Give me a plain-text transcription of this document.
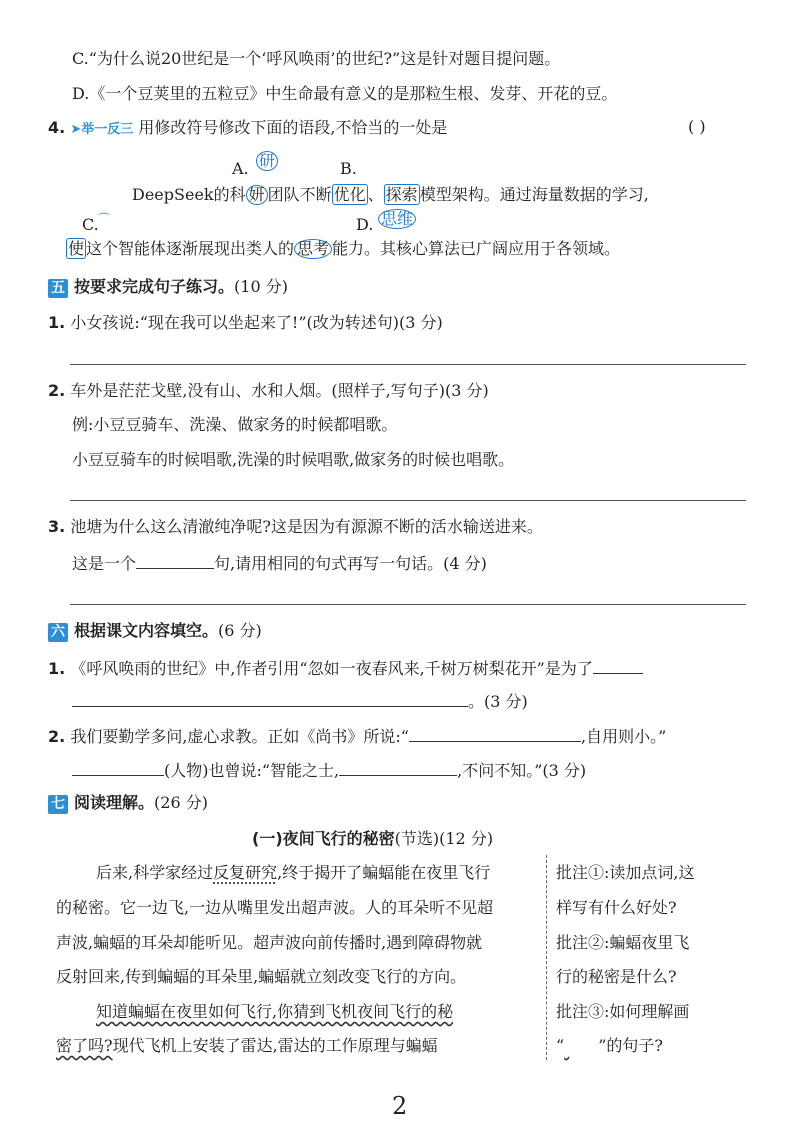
C.“为什么说20世纪是一个‘呼风唤雨’的世纪?”这是针对题目提问题。
D.《一个豆荚里的五粒豆》中生命最有意义的是那粒生根、发芽、开花的豆。
4. ➤举一反三 用修改符号修改下面的语段,不恰当的一处是	( )
A. 研	B.
DeepSeek的科 妍 团队不断 优化 、 探索 模型架构。通过海量数据的学习,
C. ⌒	D. 思维
使 这个智能体逐渐展现出类人的 思考 能力。其核心算法已广阔应用于各领域。
五 按要求完成句子练习。(10 分)
1. 小女孩说:“现在我可以坐起来了!”(改为转述句)(3 分)
2. 车外是茫茫戈壁,没有山、水和人烟。(照样子,写句子)(3 分)
例:小豆豆骑车、洗澡、做家务的时候都唱歌。
小豆豆骑车的时候唱歌,洗澡的时候唱歌,做家务的时候也唱歌。
3. 池塘为什么这么清澈纯净呢?这是因为有源源不断的活水输送进来。
这是一个	句,请用相同的句式再写一句话。(4 分)
六 根据课文内容填空。(6 分)
1. 《呼风唤雨的世纪》中,作者引用“忽如一夜春风来,千树万树梨花开”是为了
。(3 分)
2. 我们要勤学多问,虚心求教。正如《尚书》所说:“	,自用则小。”
(人物)也曾说:“智能之士,	,不问不知。”(3 分)
七 阅读理解。(26 分)
(一)夜间飞行的秘密(节选)(12 分)
后来,科学家经过反复研究,终于揭开了蝙蝠能在夜里飞行
的秘密。它一边飞,一边从嘴里发出超声波。人的耳朵听不见超
声波,蝙蝠的耳朵却能听见。超声波向前传播时,遇到障碍物就
反射回来,传到蝙蝠的耳朵里,蝙蝠就立刻改变飞行的方向。
知道蝙蝠在夜里如何飞行,你猜到飞机夜间飞行的秘
密了吗?现代飞机上安装了雷达,雷达的工作原理与蝙蝠
批注①:读加点词,这
样写有什么好处?
批注②:蝙蝠夜里飞
行的秘密是什么?
批注③:如何理解画
“ ”的句子?
2
